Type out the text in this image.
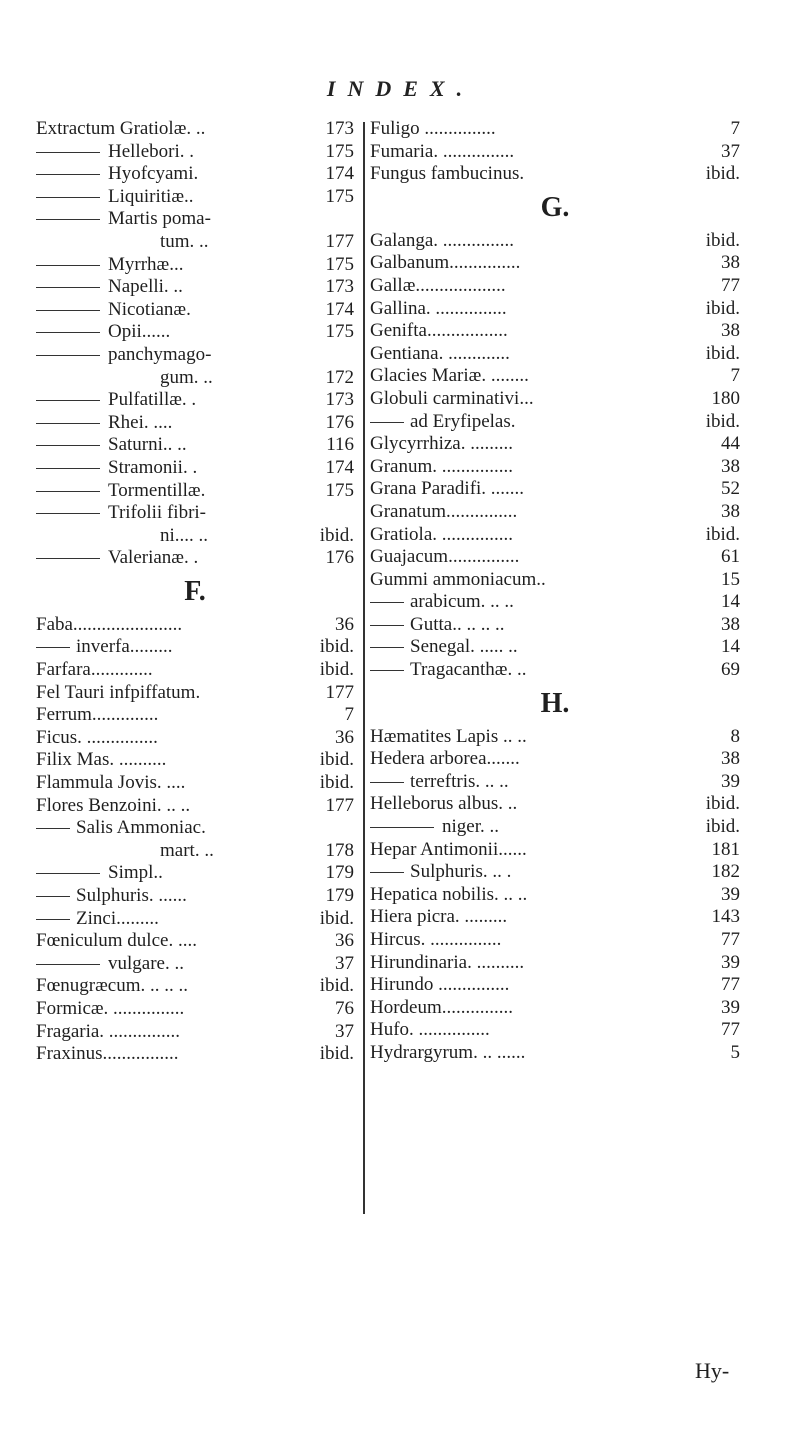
INDEX.
Extractum Gratiolæ. ..	173
Hellebori. .	175
Hyofcyami.	174
Liquiritiæ..	175
Martis poma-
tum. ..	177
Myrrhæ...	175
Napelli. ..	173
Nicotianæ.	174
Opii......	175
panchymago-
gum. ..	172
Pulfatillæ. .	173
Rhei. ....	176
Saturni.. ..	116
Stramonii. .	174
Tormentillæ.	175
Trifolii fibri-
ni.... ..	ibid.
Valerianæ. .	176
F.
Faba.......................	36
inverfa.........	ibid.
Farfara.............	ibid.
Fel Tauri infpiffatum.	177
Ferrum..............	7
Ficus. ...............	36
Filix Mas. ..........	ibid.
Flammula Jovis. ....	ibid.
Flores Benzoini. .. ..	177
Salis Ammoniac.
mart. ..	178
Simpl..	179
Sulphuris. ......	179
Zinci.........	ibid.
Fœniculum dulce. ....	36
vulgare. ..	37
Fœnugræcum. .. .. ..	ibid.
Formicæ. ...............	76
Fragaria. ...............	37
Fraxinus................	ibid.
Fuligo ...............	7
Fumaria. ...............	37
Fungus fambucinus.	ibid.
G.
Galanga. ...............	ibid.
Galbanum...............	38
Gallæ...................	77
Gallina. ...............	ibid.
Genifta.................	38
Gentiana. .............	ibid.
Glacies Mariæ. ........	7
Globuli carminativi...	180
ad Eryfipelas.	ibid.
Glycyrrhiza. .........	44
Granum. ...............	38
Grana Paradifi. .......	52
Granatum...............	38
Gratiola. ...............	ibid.
Guajacum...............	61
Gummi ammoniacum..	15
arabicum. .. ..	14
Gutta.. .. .. ..	38
Senegal. ..... ..	14
Tragacanthæ. ..	69
H.
Hæmatites Lapis .. ..	8
Hedera arborea.......	38
terreftris. .. ..	39
Helleborus albus. ..	ibid.
niger. ..	ibid.
Hepar Antimonii......	181
Sulphuris. .. .	182
Hepatica nobilis. .. ..	39
Hiera picra. .........	143
Hircus. ...............	77
Hirundinaria. ..........	39
Hirundo ...............	77
Hordeum...............	39
Hufo. ...............	77
Hydrargyrum. .. ......	5
Hy-
